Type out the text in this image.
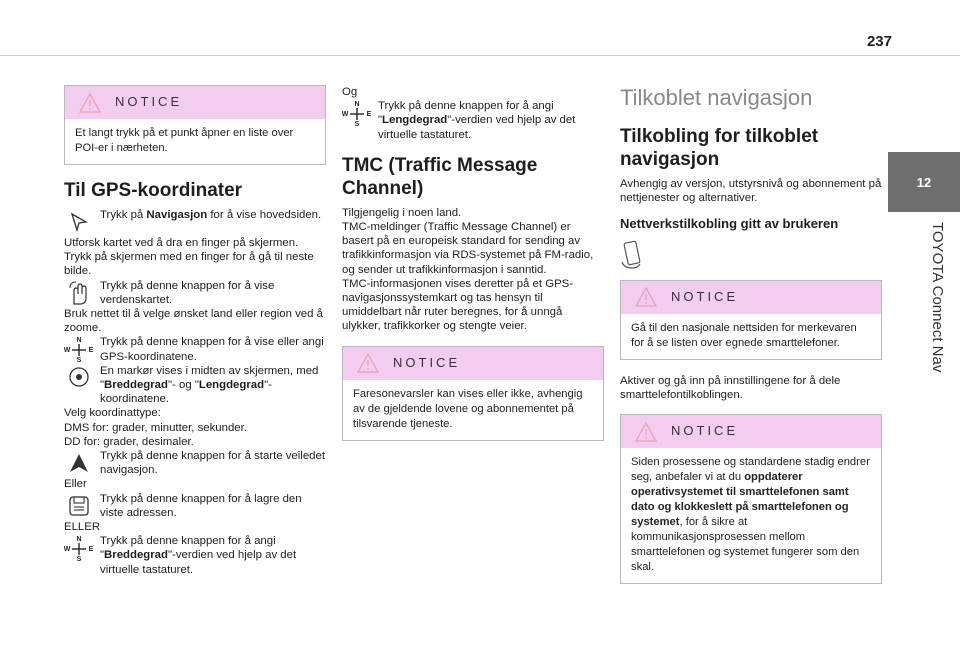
237
12
TOYOTA Connect Nav
NOTICE
Et langt trykk på et punkt åpner en liste over POI-er i nærheten.
Til GPS-koordinater
Trykk på Navigasjon for å vise hovedsiden.
Utforsk kartet ved å dra en finger på skjermen.
Trykk på skjermen med en finger for å gå til neste bilde.
Trykk på denne knappen for å vise verdenskartet.
Bruk nettet til å velge ønsket land eller region ved å zoome.
N
S
W	E
Trykk på denne knappen for å vise eller angi GPS-koordinatene.
En markør vises i midten av skjermen, med "Breddegrad"- og "Lengdegrad"-koordinatene.
Velg koordinattype:
DMS for: grader, minutter, sekunder.
DD for: grader, desimaler.
Trykk på denne knappen for å starte veiledet navigasjon.
Eller
Trykk på denne knappen for å lagre den viste adressen.
ELLER
N
S
W	E
Trykk på denne knappen for å angi "Breddegrad"-verdien ved hjelp av det virtuelle tastaturet.
Og
N
S
W	E
Trykk på denne knappen for å angi "Lengdegrad"-verdien ved hjelp av det virtuelle tastaturet.
TMC (Traffic Message Channel)
Tilgjengelig i noen land.
TMC-meldinger (Traffic Message Channel) er basert på en europeisk standard for sending av trafikkinformasjon via RDS-systemet på FM-radio, og sender ut trafikkinformasjon i sanntid.
TMC-informasjonen vises deretter på et GPS-navigasjonssystemkart og tas hensyn til umiddelbart når ruter beregnes, for å unngå ulykker, trafikkorker og stengte veier.
NOTICE
Faresonevarsler kan vises eller ikke, avhengig av de gjeldende lovene og abonnementet på tilsvarende tjeneste.
Tilkoblet navigasjon
Tilkobling for tilkoblet navigasjon
Avhengig av versjon, utstyrsnivå og abonnement på nettjenester og alternativer.
Nettverkstilkobling gitt av brukeren
NOTICE
Gå til den nasjonale nettsiden for merkevaren for å se listen over egnede smarttelefoner.
Aktiver og gå inn på innstillingene for å dele smarttelefontilkoblingen.
NOTICE
Siden prosessene og standardene stadig endrer seg, anbefaler vi at du oppdaterer operativsystemet til smarttelefonen samt dato og klokkeslett på smarttelefonen og systemet, for å sikre at kommunikasjonsprosessen mellom smarttelefonen og systemet fungerer som den skal.
